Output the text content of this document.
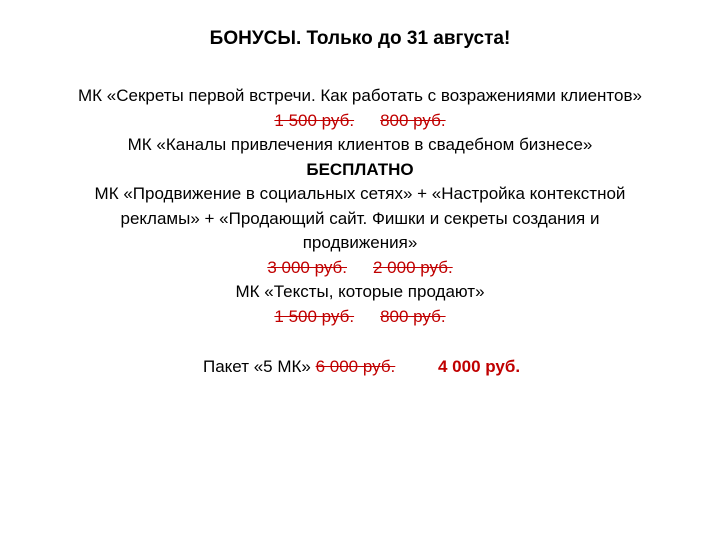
БОНУСЫ. Только до 31 августа!
МК «Секреты первой встречи. Как работать с возражениями клиентов»
1 500 руб. 800 руб.
МК «Каналы привлечения клиентов в свадебном бизнесе»
БЕСПЛАТНО
МК «Продвижение в социальных сетях» + «Настройка контекстной
рекламы» + «Продающий сайт. Фишки и секреты создания и
продвижения»
3 000 руб. 2 000 руб.
МК «Тексты, которые продают»
1 500 руб. 800 руб.
Пакет «5 МК» 6 000 руб.	4 000 руб.
